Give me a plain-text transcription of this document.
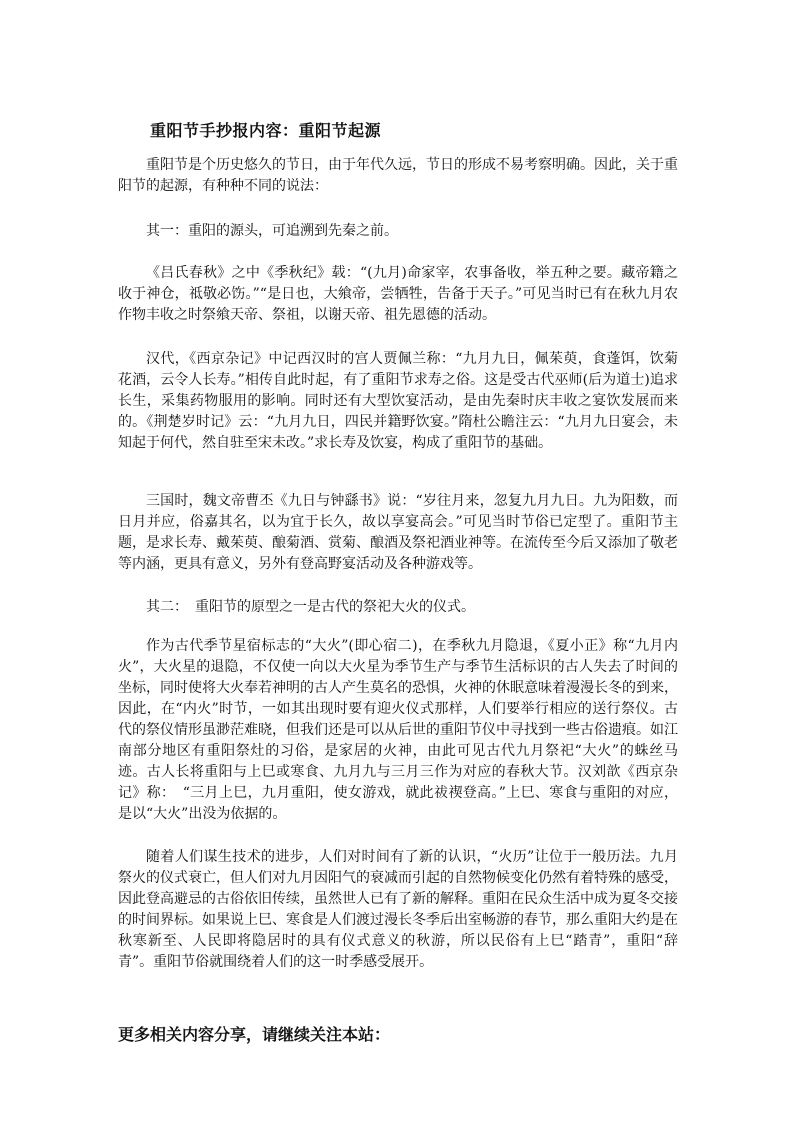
重阳节手抄报内容：重阳节起源

重阳节是个历史悠久的节日，由于年代久远，节日的形成不易考察明确。因此，关于重阳节的起源，有种种不同的说法：

其一：重阳的源头，可追溯到先秦之前。

《吕氏春秋》之中《季秋纪》载：“(九月)命家宰，农事备收，举五种之要。藏帝籍之收于神仓，祗敬必饬。”“是日也，大飨帝，尝牺牲，告备于天子。”可见当时已有在秋九月农作物丰收之时祭飨天帝、祭祖，以谢天帝、祖先恩德的活动。

汉代，《西京杂记》中记西汉时的宫人贾佩兰称：“九月九日，佩茱萸，食蓬饵，饮菊花酒，云令人长寿。”相传自此时起，有了重阳节求寿之俗。这是受古代巫师(后为道士)追求长生，采集药物服用的影响。同时还有大型饮宴活动，是由先秦时庆丰收之宴饮发展而来的。《荆楚岁时记》云：“九月九日，四民并籍野饮宴。”隋杜公瞻注云：“九月九日宴会，未知起于何代，然自驻至宋未改。”求长寿及饮宴，构成了重阳节的基础。

三国时，魏文帝曹丕《九日与钟繇书》说：“岁往月来，忽复九月九日。九为阳数，而日月并应，俗嘉其名，以为宜于长久，故以享宴高会。”可见当时节俗已定型了。重阳节主题，是求长寿、戴茱萸、酿菊酒、赏菊、酿酒及祭祀酒业神等。在流传至今后又添加了敬老等内涵，更具有意义，另外有登高野宴活动及各种游戏等。

其二：　重阳节的原型之一是古代的祭祀大火的仪式。

作为古代季节星宿标志的“大火”(即心宿二)，在季秋九月隐退，《夏小正》称“九月内火”，大火星的退隐，不仅使一向以大火星为季节生产与季节生活标识的古人失去了时间的坐标，同时使将大火奉若神明的古人产生莫名的恐惧，火神的休眠意味着漫漫长冬的到来，因此，在“内火”时节，一如其出现时要有迎火仪式那样，人们要举行相应的送行祭仪。古代的祭仪情形虽渺茫难晓，但我们还是可以从后世的重阳节仪中寻找到一些古俗遗痕。如江南部分地区有重阳祭灶的习俗，是家居的火神，由此可见古代九月祭祀“大火”的蛛丝马迹。古人长将重阳与上巳或寒食、九月九与三月三作为对应的春秋大节。汉刘歆《西京杂记》称：　“三月上巳，九月重阳，使女游戏，就此祓禊登高。”上巳、寒食与重阳的对应，是以“大火”出没为依据的。

随着人们谋生技术的进步，人们对时间有了新的认识，“火历”让位于一般历法。九月祭火的仪式衰亡，但人们对九月因阳气的衰减而引起的自然物候变化仍然有着特殊的感受，因此登高避忌的古俗依旧传续，虽然世人已有了新的解释。重阳在民众生活中成为夏冬交接的时间界标。如果说上巳、寒食是人们渡过漫长冬季后出室畅游的春节，那么重阳大约是在秋寒新至、人民即将隐居时的具有仪式意义的秋游，所以民俗有上巳“踏青”，重阳“辞青”。重阳节俗就围绕着人们的这一时季感受展开。

更多相关内容分享，请继续关注本站：
